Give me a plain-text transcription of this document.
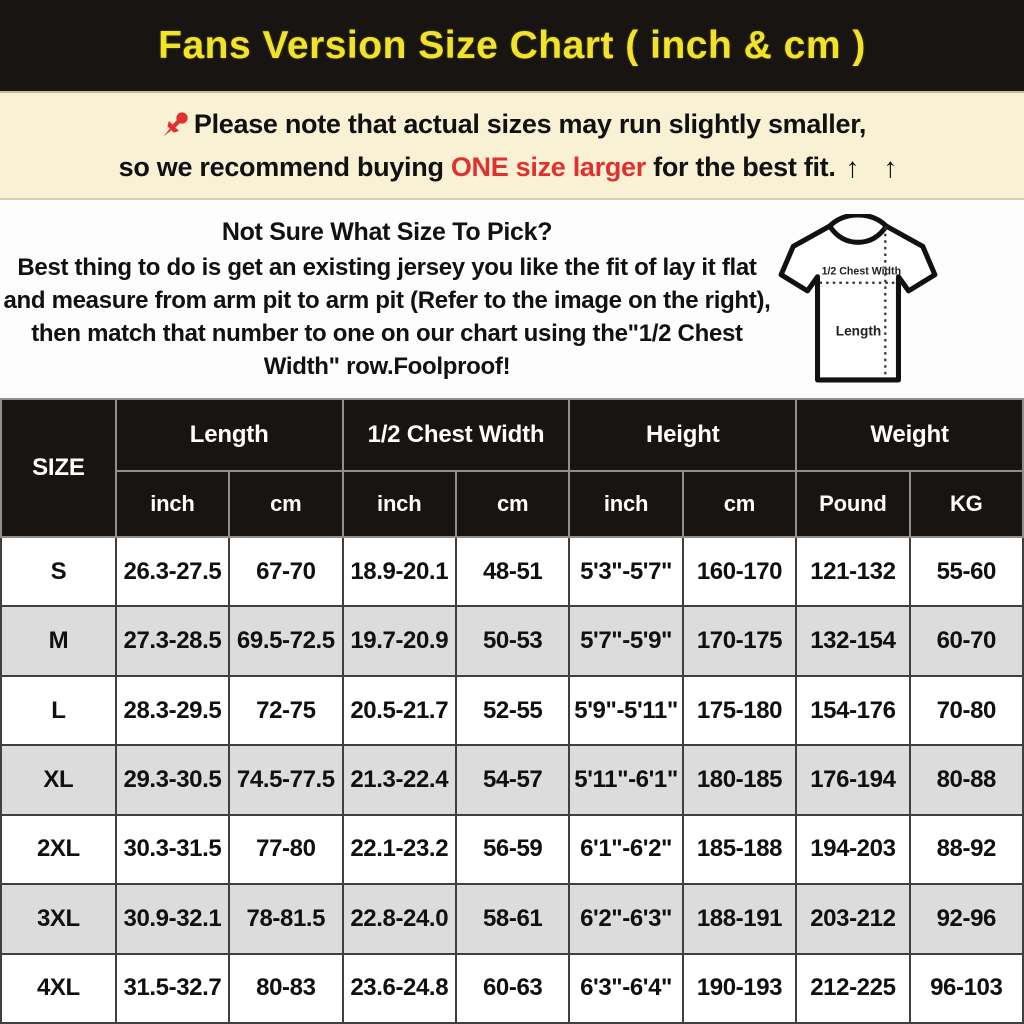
Fans Version Size Chart ( inch & cm )
Please note that actual sizes may run slightly smaller,
so we recommend buying ONE size larger for the best fit. ↑ ↑
Not Sure What Size To Pick?
Best thing to do is get an existing jersey you like the fit of lay it flat
and measure from arm pit to arm pit (Refer to the image on the right),
then match that number to one on our chart using the"1/2 Chest
Width" row.Foolproof!
1/2 Chest Width
Length
SIZE	Length		1/2 Chest Width		Height		Weight	
	inch	cm	inch	cm	inch	cm	Pound	KG
S	26.3-27.5	67-70	18.9-20.1	48-51	5'3"-5'7"	160-170	121-132	55-60
M	27.3-28.5	69.5-72.5	19.7-20.9	50-53	5'7"-5'9"	170-175	132-154	60-70
L	28.3-29.5	72-75	20.5-21.7	52-55	5'9"-5'11"	175-180	154-176	70-80
XL	29.3-30.5	74.5-77.5	21.3-22.4	54-57	5'11"-6'1"	180-185	176-194	80-88
2XL	30.3-31.5	77-80	22.1-23.2	56-59	6'1"-6'2"	185-188	194-203	88-92
3XL	30.9-32.1	78-81.5	22.8-24.0	58-61	6'2"-6'3"	188-191	203-212	92-96
4XL	31.5-32.7	80-83	23.6-24.8	60-63	6'3"-6'4"	190-193	212-225	96-103
